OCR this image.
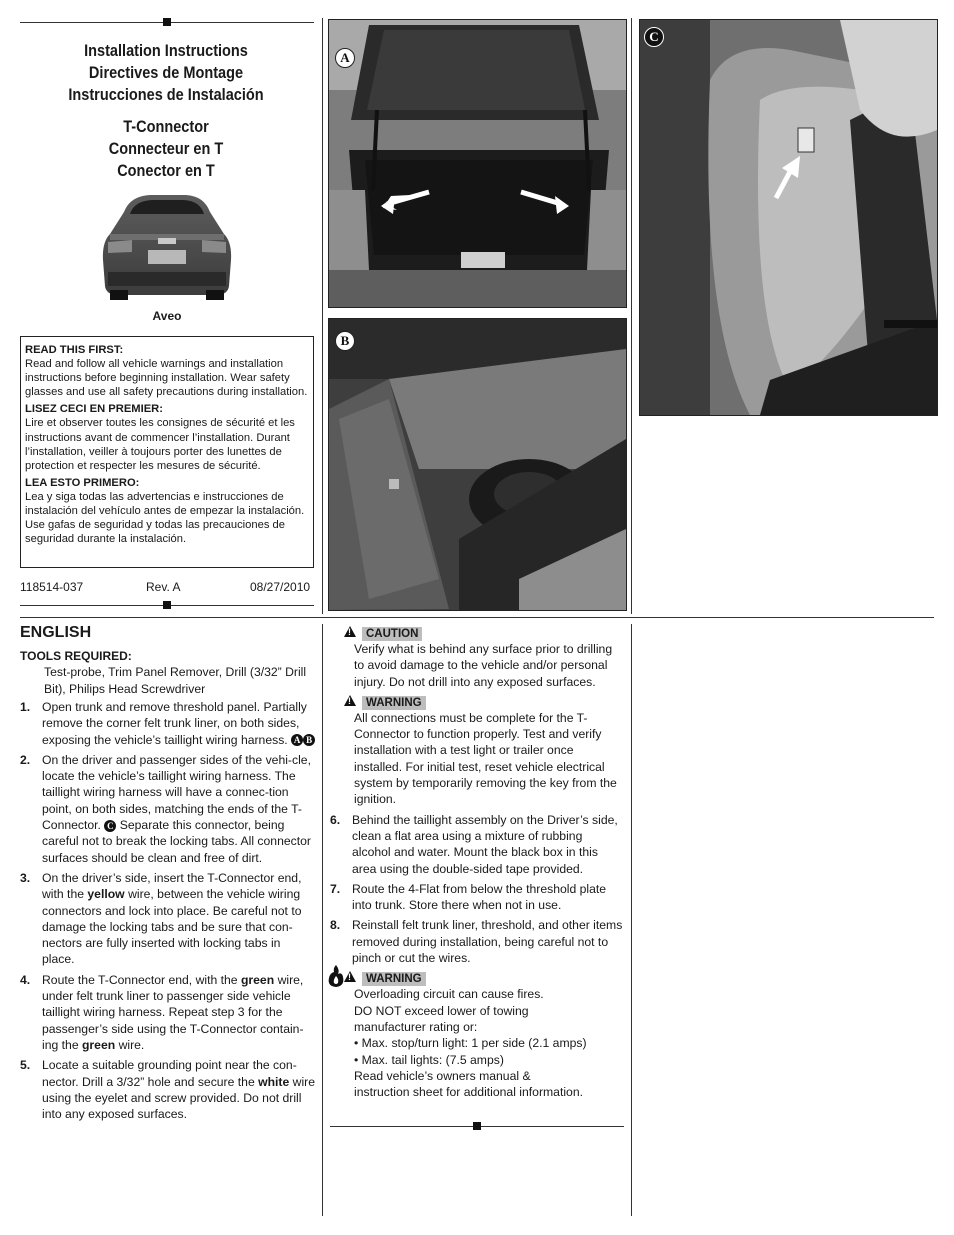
Installation Instructions
Directives de Montage
Instrucciones de Instalación
T-Connector
Connecteur en T
Conector en T
Aveo
READ THIS FIRST:
Read and follow all vehicle warnings and installation instructions before beginning installation. Wear safety glasses and use all safety precautions during installation.
LISEZ CECI EN PREMIER:
Lire et observer toutes les consignes de sécurité et les instructions avant de commencer l’installation. Durant l’installation, veiller à toujours porter des lunettes de protection et respecter les mesures de sécurité.
LEA ESTO PRIMERO:
Lea y siga todas las advertencias e instrucciones de instalación del vehículo antes de empezar la instalación. Use gafas de seguridad y todas las precauciones de seguridad durante la instalación.
118514-037	Rev. A	08/27/2010
A
B
C
ENGLISH
TOOLS REQUIRED:
Test-probe, Trim Panel Remover, Drill (3/32” Drill Bit), Philips Head Screwdriver
1. Open trunk and remove threshold panel. Partially remove the corner felt trunk liner, on both sides, exposing the vehicle’s taillight wiring harness. A B
2. On the driver and passenger sides of the vehi-cle, locate the vehicle’s taillight wiring harness. The taillight wiring harness will have a connec-tion point, on both sides, matching the ends of the T-Connector. C Separate this connector, being careful not to break the locking tabs. All connector surfaces should be clean and free of dirt.
3. On the driver’s side, insert the T-Connector end, with the yellow wire, between the vehicle wiring connectors and lock into place. Be careful not to damage the locking tabs and be sure that con-nectors are fully inserted with locking tabs in place.
4. Route the T-Connector end, with the green wire, under felt trunk liner to passenger side vehicle taillight wiring harness. Repeat step 3 for the passenger’s side using the T-Connector contain-ing the green wire.
5. Locate a suitable grounding point near the con-nector. Drill a 3/32” hole and secure the white wire using the eyelet and screw provided. Do not drill into any exposed surfaces.
!
CAUTION
Verify what is behind any surface prior to drilling to avoid damage to the vehicle and/or personal injury. Do not drill into any exposed surfaces.
!
WARNING
All connections must be complete for the T-Connector to function properly. Test and verify installation with a test light or trailer once installed. For initial test, reset vehicle electrical system by temporarily removing the key from the ignition.
6. Behind the taillight assembly on the Driver’s side, clean a flat area using a mixture of rubbing alcohol and water. Mount the black box in this area using the double-sided tape provided.
7. Route the 4-Flat from below the threshold plate into trunk. Store there when not in use.
8. Reinstall felt trunk liner, threshold, and other items removed during installation, being careful not to pinch or cut the wires.
!
WARNING
Overloading circuit can cause fires.
DO NOT exceed lower of towing
manufacturer rating or:
• Max. stop/turn light: 1 per side (2.1 amps)
• Max. tail lights: (7.5 amps)
Read vehicle’s owners manual &
instruction sheet for additional information.
